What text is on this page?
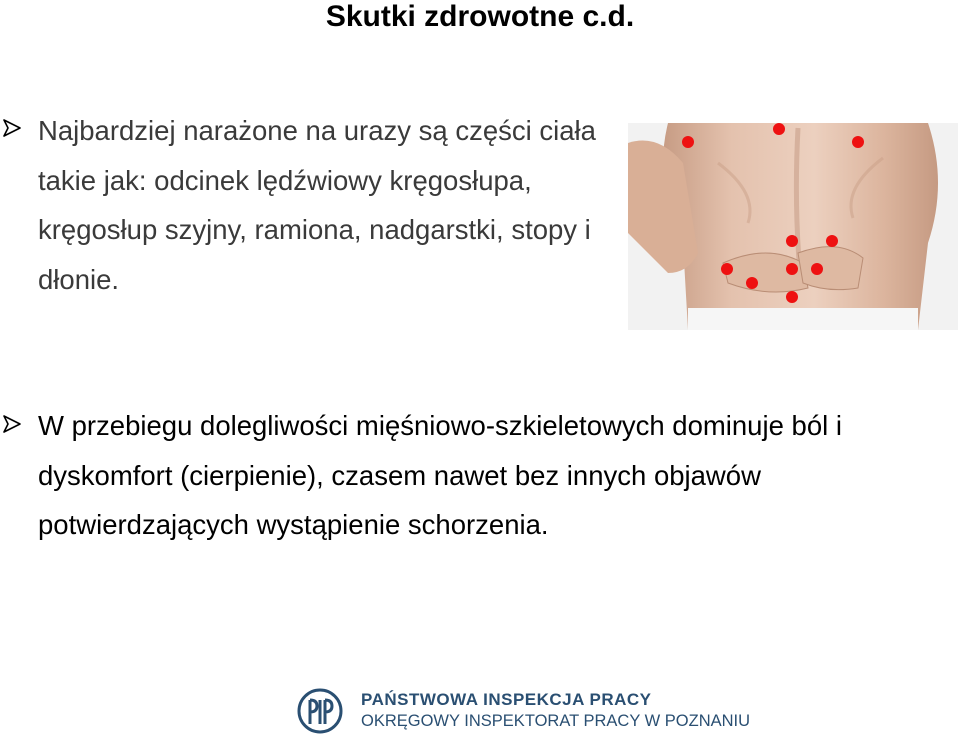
Skutki zdrowotne c.d.

Najbardziej narażone na urazy są części ciała takie jak: odcinek lędźwiowy kręgosłupa, kręgosłup szyjny, ramiona, nadgarstki, stopy i dłonie.

W przebiegu dolegliwości mięśniowo-szkieletowych dominuje ból i dyskomfort (cierpienie), czasem nawet bez innych objawów potwierdzających wystąpienie schorzenia.

PAŃSTWOWA INSPEKCJA PRACY
OKRĘGOWY INSPEKTORAT PRACY W POZNANIU
